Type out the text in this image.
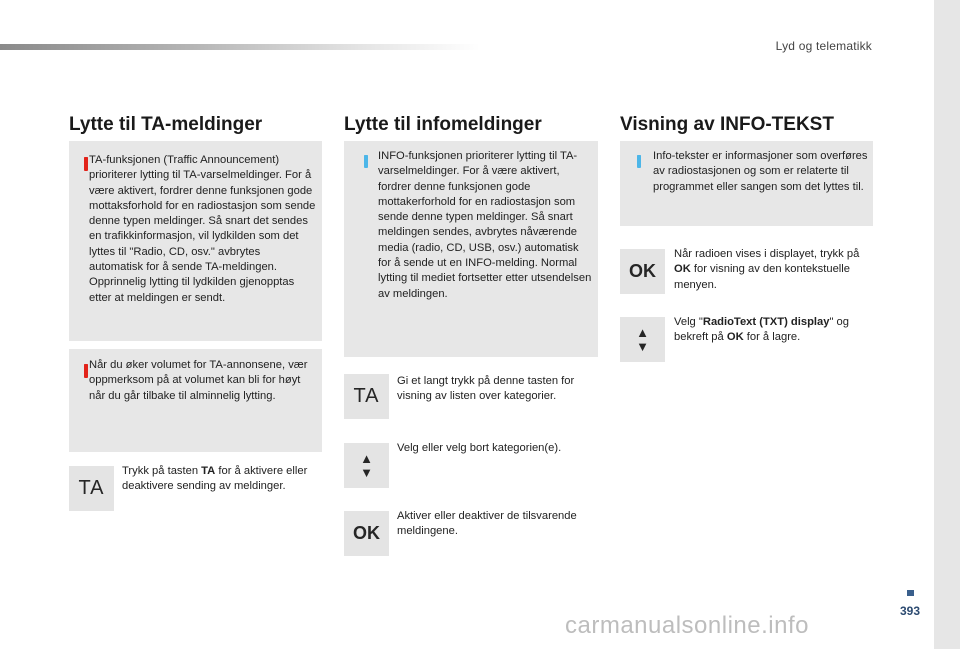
Lyd og telematikk
Lytte til TA-meldinger
TA-funksjonen (Traffic Announcement) prioriterer lytting til TA-varselmeldinger. For å være aktivert, fordrer denne funksjonen gode mottaksforhold for en radiostasjon som sende denne typen meldinger. Så snart det sendes en trafikkinformasjon, vil lydkilden som det lyttes til "Radio, CD, osv." avbrytes automatisk for å sende TA-meldingen. Opprinnelig lytting til lydkilden gjenopptas etter at meldingen er sendt.
Når du øker volumet for TA-annonsene, vær oppmerksom på at volumet kan bli for høyt når du går tilbake til alminnelig lytting.
TA
Trykk på tasten TA for å aktivere eller deaktivere sending av meldinger.
Lytte til infomeldinger
INFO-funksjonen prioriterer lytting til TA-varselmeldinger. For å være aktivert, fordrer denne funksjonen gode mottakerforhold for en radiostasjon som sende denne typen meldinger. Så snart meldingen sendes, avbrytes nåværende media (radio, CD, USB, osv.) automatisk for å sende ut en INFO-melding. Normal lytting til mediet fortsetter etter utsendelsen av meldingen.
TA
Gi et langt trykk på denne tasten for visning av listen over kategorier.
▲
▼
Velg eller velg bort kategorien(e).
OK
Aktiver eller deaktiver de tilsvarende meldingene.
Visning av INFO-TEKST
Info-tekster er informasjoner som overføres av radiostasjonen og som er relaterte til programmet eller sangen som det lyttes til.
OK
Når radioen vises i displayet, trykk på OK for visning av den kontekstuelle menyen.
▲
▼
Velg "RadioText (TXT) display" og bekreft på OK for å lagre.
393
carmanualsonline.info
